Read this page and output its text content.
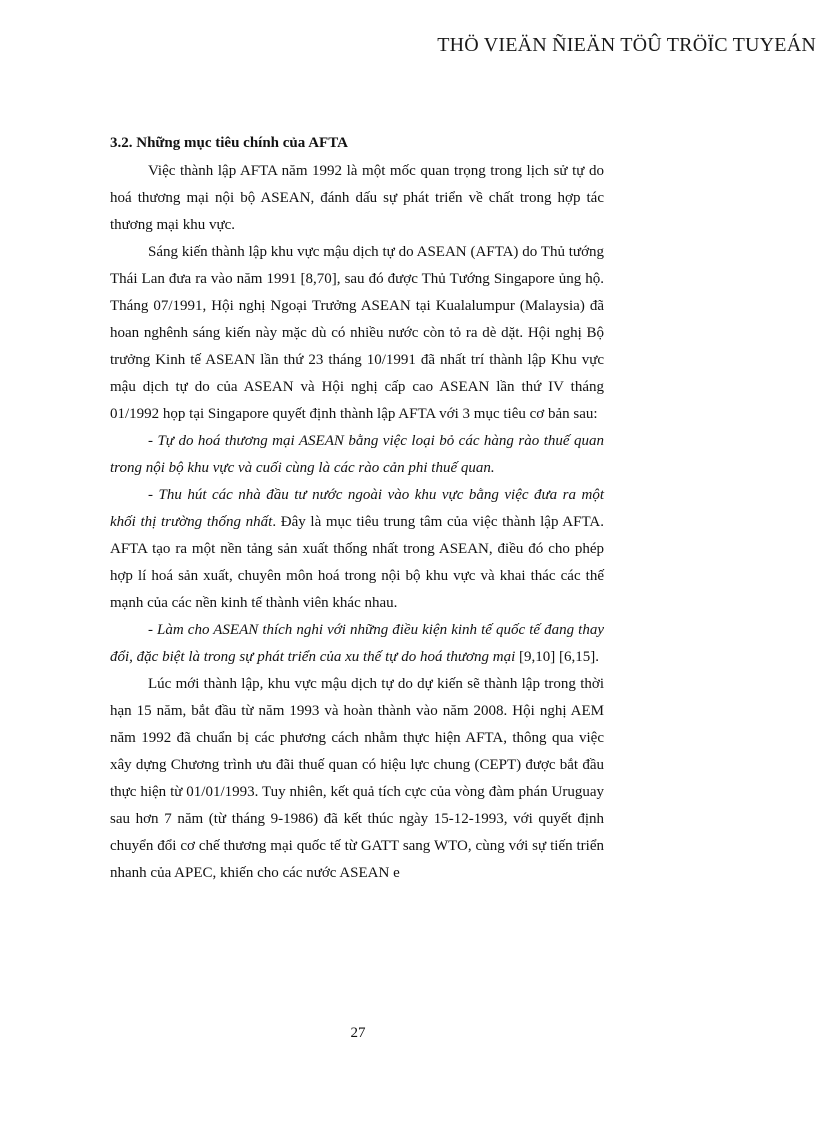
THÖ VIEÄN ÑIEÄN TÖÛ TRÖÏC TUYEÁN

3.2. Những mục tiêu chính của AFTA

Việc thành lập AFTA năm 1992 là một mốc quan trọng trong lịch sử tự do hoá thương mại nội bộ ASEAN, đánh dấu sự phát triển về chất trong hợp tác thương mại khu vực.

Sáng kiến thành lập khu vực mậu dịch tự do ASEAN (AFTA) do Thủ tướng Thái Lan đưa ra vào năm 1991 [8,70], sau đó được Thủ Tướng Singapore ủng hộ. Tháng 07/1991, Hội nghị Ngoại Trưởng ASEAN tại Kualalumpur (Malaysia) đã hoan nghênh sáng kiến này mặc dù có nhiều nước còn tỏ ra dè dặt. Hội nghị Bộ trưởng Kinh tế ASEAN lần thứ 23 tháng 10/1991 đã nhất trí thành lập Khu vực mậu dịch tự do của ASEAN và Hội nghị cấp cao ASEAN lần thứ IV tháng 01/1992 họp tại Singapore quyết định thành lập AFTA với 3 mục tiêu cơ bản sau:

- Tự do hoá thương mại ASEAN bằng việc loại bỏ các hàng rào thuế quan trong nội bộ khu vực và cuối cùng là các rào cản phi thuế quan.

- Thu hút các nhà đầu tư nước ngoài vào khu vực bằng việc đưa ra một khối thị trường thống nhất. Đây là mục tiêu trung tâm của việc thành lập AFTA. AFTA tạo ra một nền tảng sản xuất thống nhất trong ASEAN, điều đó cho phép hợp lí hoá sản xuất, chuyên môn hoá trong nội bộ khu vực và khai thác các thế mạnh của các nền kinh tế thành viên khác nhau.

- Làm cho ASEAN thích nghi với những điều kiện kinh tế quốc tế đang thay đổi, đặc biệt là trong sự phát triển của xu thế tự do hoá thương mại [9,10] [6,15].

Lúc mới thành lập, khu vực mậu dịch tự do dự kiến sẽ thành lập trong thời hạn 15 năm, bắt đầu từ năm 1993 và hoàn thành vào năm 2008. Hội nghị AEM năm 1992 đã chuẩn bị các phương cách nhằm thực hiện AFTA, thông qua việc xây dựng Chương trình ưu đãi thuế quan có hiệu lực chung (CEPT) được bắt đầu thực hiện từ 01/01/1993. Tuy nhiên, kết quả tích cực của vòng đàm phán Uruguay sau hơn 7 năm (từ tháng 9-1986) đã kết thúc ngày 15-12-1993, với quyết định chuyển đổi cơ chế thương mại quốc tế từ GATT sang WTO, cùng với sự tiến triển nhanh của APEC, khiến cho các nước ASEAN e

27
